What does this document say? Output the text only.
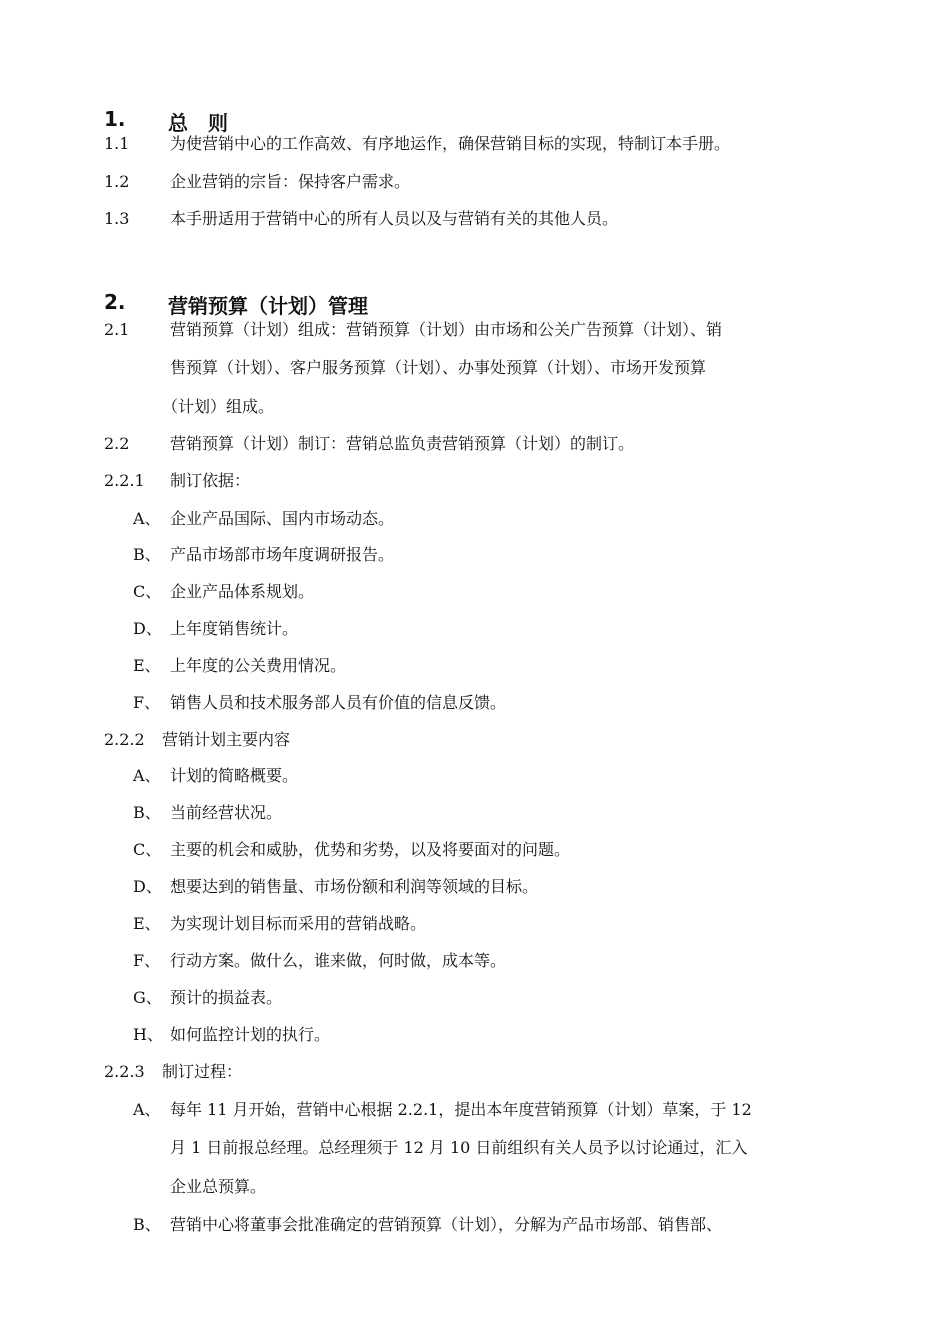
1. 总　则
1.1	为使营销中心的工作高效、有序地运作，确保营销目标的实现，特制订本手册。
1.2	企业营销的宗旨：保持客户需求。
1.3	本手册适用于营销中心的所有人员以及与营销有关的其他人员。
2. 营销预算（计划）管理
2.1	营销预算（计划）组成：营销预算（计划）由市场和公关广告预算（计划）、销
售预算（计划）、客户服务预算（计划）、办事处预算（计划）、市场开发预算
（计划）组成。
2.2	营销预算（计划）制订：营销总监负责营销预算（计划）的制订。
2.2.1 制订依据：
A、 企业产品国际、国内市场动态。
B、 产品市场部市场年度调研报告。
C、 企业产品体系规划。
D、 上年度销售统计。
E、 上年度的公关费用情况。
F、 销售人员和技术服务部人员有价值的信息反馈。
2.2.2 营销计划主要内容
A、 计划的简略概要。
B、 当前经营状况。
C、 主要的机会和威胁，优势和劣势，以及将要面对的问题。
D、 想要达到的销售量、市场份额和利润等领域的目标。
E、 为实现计划目标而采用的营销战略。
F、 行动方案。做什么，谁来做，何时做，成本等。
G、 预计的损益表。
H、 如何监控计划的执行。
2.2.3 制订过程：
A、 每年 11 月开始，营销中心根据 2.2.1，提出本年度营销预算（计划）草案，于 12
月 1 日前报总经理。总经理须于 12 月 10 日前组织有关人员予以讨论通过，汇入
企业总预算。
B、 营销中心将董事会批准确定的营销预算（计划），分解为产品市场部、销售部、
